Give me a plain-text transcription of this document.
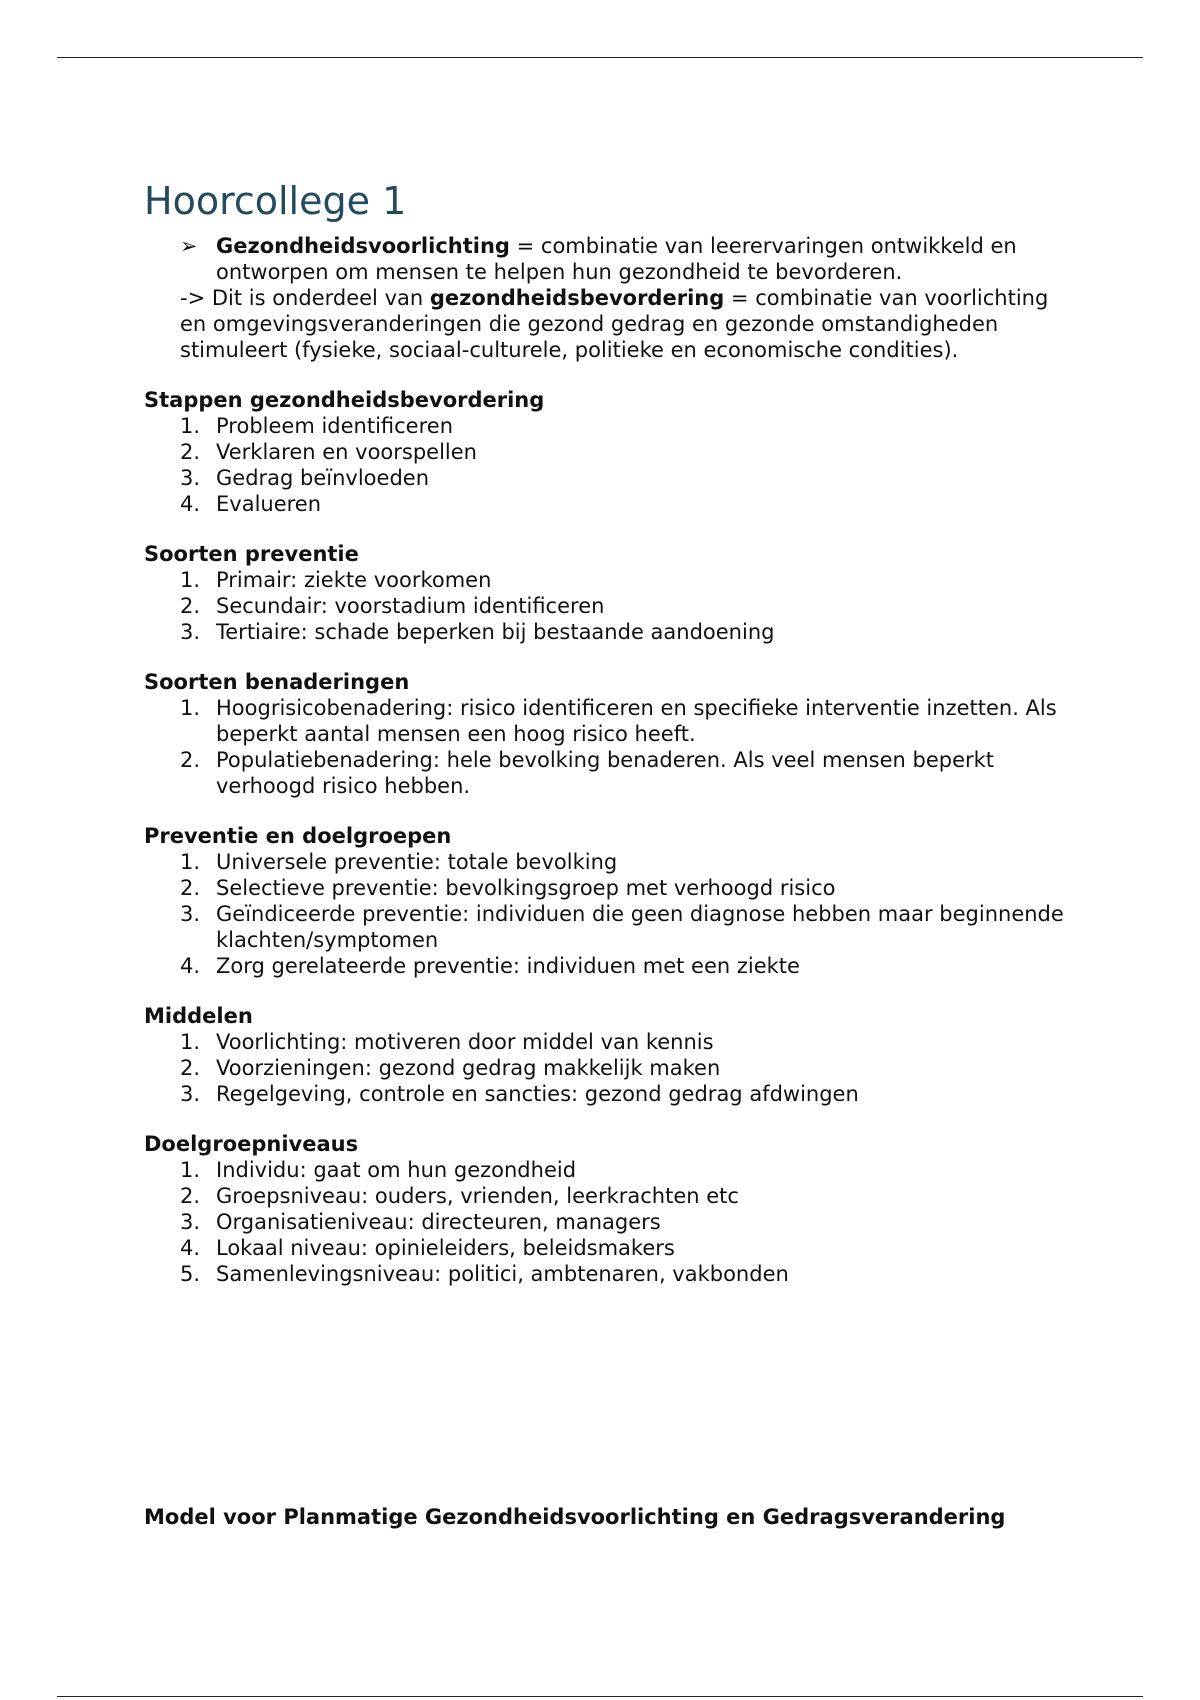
Hoorcollege 1
➢ Gezondheidsvoorlichting = combinatie van leerervaringen ontwikkeld en ontworpen om mensen te helpen hun gezondheid te bevorderen.
-> Dit is onderdeel van gezondheidsbevordering = combinatie van voorlichting en omgevingsveranderingen die gezond gedrag en gezonde omstandigheden stimuleert (fysieke, sociaal-culturele, politieke en economische condities).
Stappen gezondheidsbevordering
1. Probleem identificeren
2. Verklaren en voorspellen
3. Gedrag beïnvloeden
4. Evalueren
Soorten preventie
1. Primair: ziekte voorkomen
2. Secundair: voorstadium identificeren
3. Tertiaire: schade beperken bij bestaande aandoening
Soorten benaderingen
1. Hoogrisicobenadering: risico identificeren en specifieke interventie inzetten. Als beperkt aantal mensen een hoog risico heeft.
2. Populatiebenadering: hele bevolking benaderen. Als veel mensen beperkt verhoogd risico hebben.
Preventie en doelgroepen
1. Universele preventie: totale bevolking
2. Selectieve preventie: bevolkingsgroep met verhoogd risico
3. Geïndiceerde preventie: individuen die geen diagnose hebben maar beginnende klachten/symptomen
4. Zorg gerelateerde preventie: individuen met een ziekte
Middelen
1. Voorlichting: motiveren door middel van kennis
2. Voorzieningen: gezond gedrag makkelijk maken
3. Regelgeving, controle en sancties: gezond gedrag afdwingen
Doelgroepniveaus
1. Individu: gaat om hun gezondheid
2. Groepsniveau: ouders, vrienden, leerkrachten etc
3. Organisatieniveau: directeuren, managers
4. Lokaal niveau: opinieleiders, beleidsmakers
5. Samenlevingsniveau: politici, ambtenaren, vakbonden
Model voor Planmatige Gezondheidsvoorlichting en Gedragsverandering
